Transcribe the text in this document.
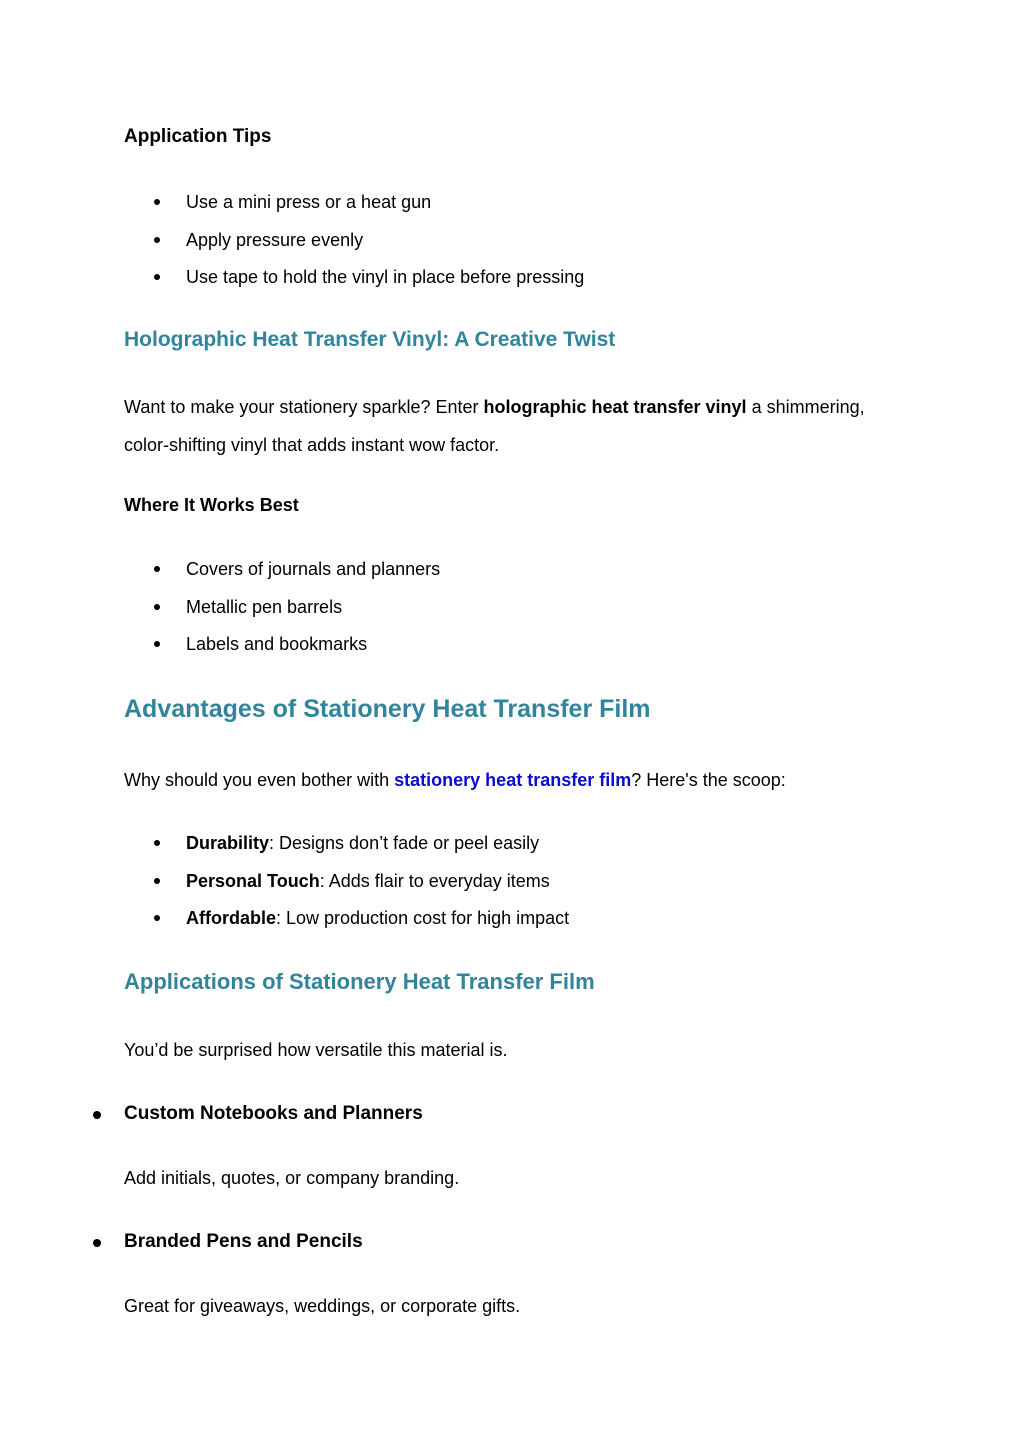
Application Tips
Use a mini press or a heat gun
Apply pressure evenly
Use tape to hold the vinyl in place before pressing
Holographic Heat Transfer Vinyl: A Creative Twist

Want to make your stationery sparkle? Enter holographic heat transfer vinyl a shimmering, color-shifting vinyl that adds instant wow factor.

Where It Works Best
Covers of journals and planners
Metallic pen barrels
Labels and bookmarks
Advantages of Stationery Heat Transfer Film

Why should you even bother with stationery heat transfer film? Here's the scoop:

Durability: Designs don’t fade or peel easily
Personal Touch: Adds flair to everyday items
Affordable: Low production cost for high impact
Applications of Stationery Heat Transfer Film
You’d be surprised how versatile this material is.
Custom Notebooks and Planners
Add initials, quotes, or company branding.
Branded Pens and Pencils
Great for giveaways, weddings, or corporate gifts.
